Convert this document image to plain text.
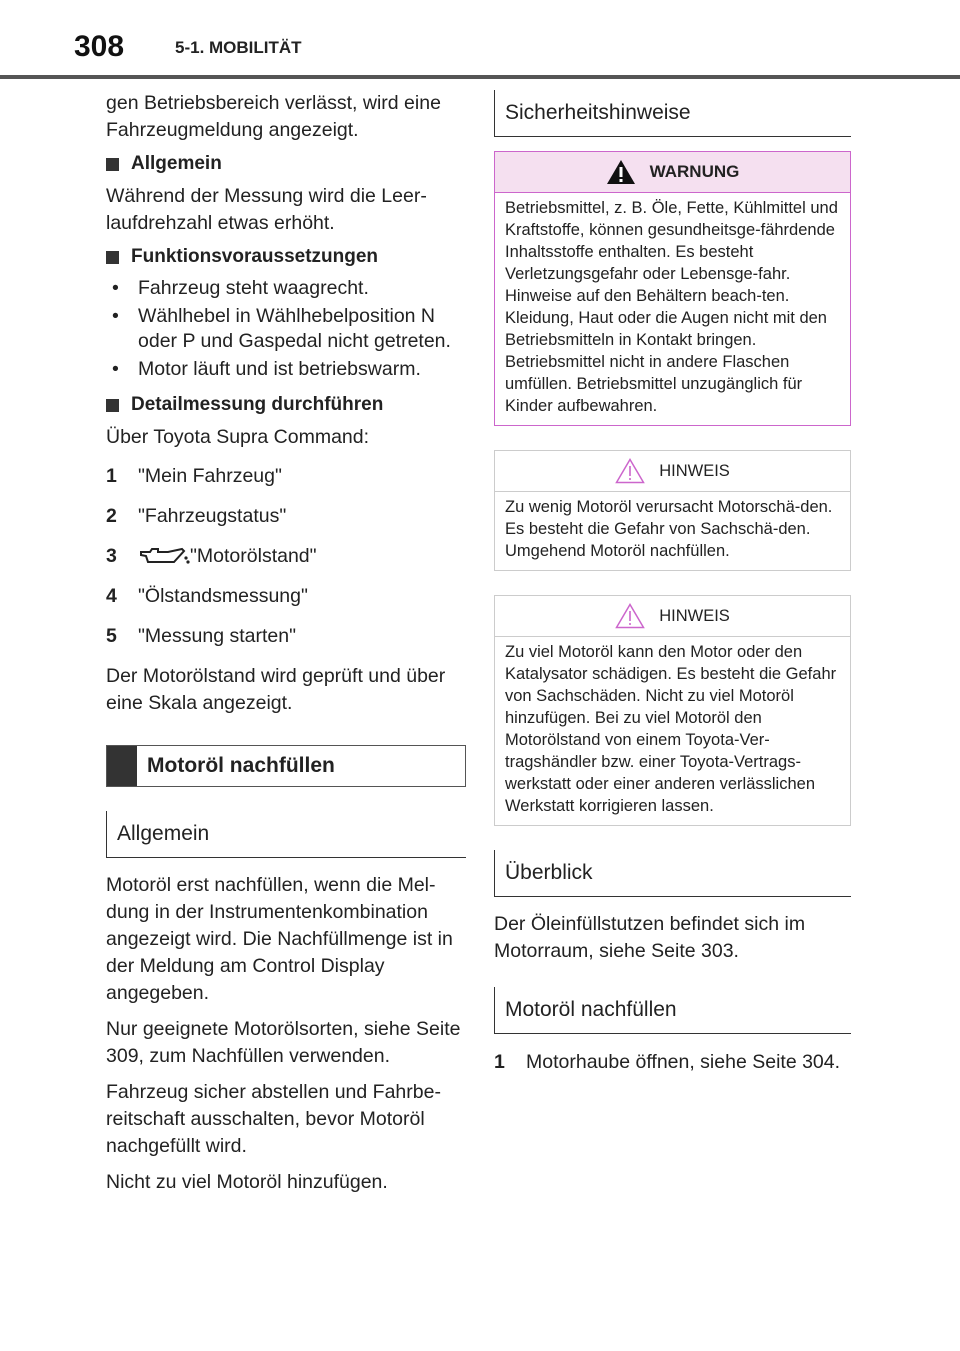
308	5-1. MOBILITÄT

gen Betriebsbereich verlässt, wird eine Fahrzeugmeldung angezeigt.

Allgemein

Während der Messung wird die Leer-laufdrehzahl etwas erhöht.

Funktionsvoraussetzungen
• Fahrzeug steht waagrecht.
• Wählhebel in Wählhebelposition N oder P und Gaspedal nicht getreten.
• Motor läuft und ist betriebswarm.
Detailmessung durchführen

Über Toyota Supra Command:

1	"Mein Fahrzeug"
2	"Fahrzeugstatus"
3	"Motorölstand"
4	"Ölstandsmessung"
5	"Messung starten"

Der Motorölstand wird geprüft und über eine Skala angezeigt.

Motoröl nachfüllen
Allgemein

Motoröl erst nachfüllen, wenn die Mel-dung in der Instrumentenkombination angezeigt wird. Die Nachfüllmenge ist in der Meldung am Control Display angegeben.

Nur geeignete Motorölsorten, siehe Seite 309, zum Nachfüllen verwenden.

Fahrzeug sicher abstellen und Fahrbe-reitschaft ausschalten, bevor Motoröl nachgefüllt wird.

Nicht zu viel Motoröl hinzufügen.

Sicherheitshinweise
WARNUNG
Betriebsmittel, z. B. Öle, Fette, Kühlmittel und Kraftstoffe, können gesundheitsge-fährdende Inhaltsstoffe enthalten. Es besteht Verletzungsgefahr oder Lebensge-fahr. Hinweise auf den Behältern beach-ten. Kleidung, Haut oder die Augen nicht mit den Betriebsmitteln in Kontakt bringen. Betriebsmittel nicht in andere Flaschen umfüllen. Betriebsmittel unzugänglich für Kinder aufbewahren.
HINWEIS
Zu wenig Motoröl verursacht Motorschä-den. Es besteht die Gefahr von Sachschä-den. Umgehend Motoröl nachfüllen.
HINWEIS
Zu viel Motoröl kann den Motor oder den Katalysator schädigen. Es besteht die Gefahr von Sachschäden. Nicht zu viel Motoröl hinzufügen. Bei zu viel Motoröl den Motorölstand von einem Toyota-Ver-tragshändler bzw. einer Toyota-Vertrags-werkstatt oder einer anderen verlässlichen Werkstatt korrigieren lassen.
Überblick

Der Öleinfüllstutzen befindet sich im Motorraum, siehe Seite 303.

Motoröl nachfüllen
1	Motorhaube öffnen, siehe Seite 304.
